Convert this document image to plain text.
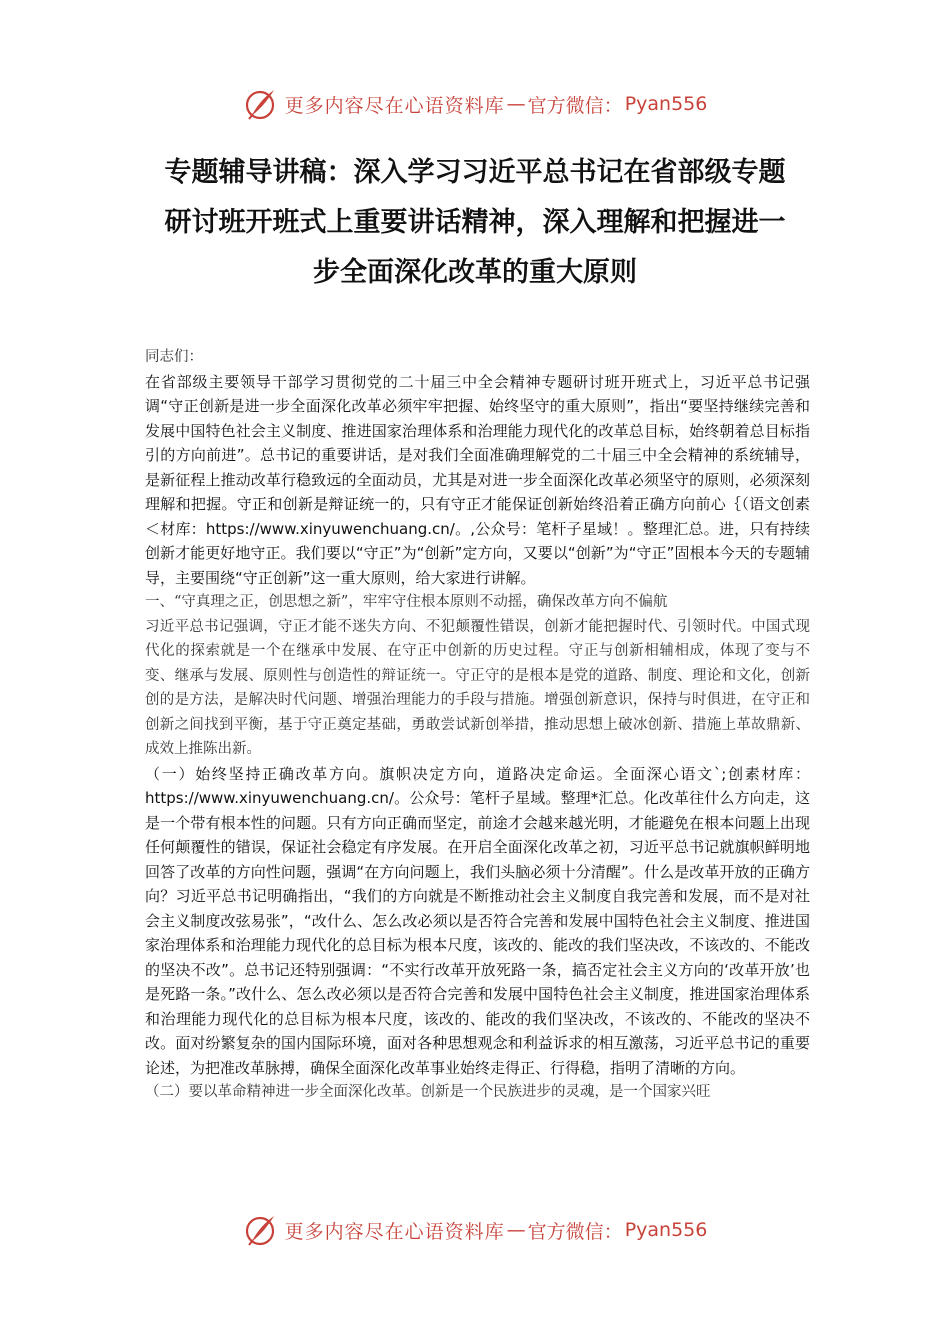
更多内容尽在心语资料库 — 官方微信： Pyan556
专题辅导讲稿：深入学习习近平总书记在省部级专题
研讨班开班式上重要讲话精神，深入理解和把握进一
步全面深化改革的重大原则

同志们：

在省部级主要领导干部学习贯彻党的二十届三中全会精神专题研讨班开班式上，习近平总书记强调“守正创新是进一步全面深化改革必须牢牢把握、始终坚守的重大原则”，指出“要坚持继续完善和发展中国特色社会主义制度、推进国家治理体系和治理能力现代化的改革总目标，始终朝着总目标指引的方向前进”。总书记的重要讲话，是对我们全面准确理解党的二十届三中全会精神的系统辅导，是新征程上推动改革行稳致远的全面动员，尤其是对进一步全面深化改革必须坚守的原则，必须深刻理解和把握。守正和创新是辩证统一的，只有守正才能保证创新始终沿着正确方向前心｛（语文创素＜材库：https://www.xinyuwenchuang.cn/。,公众号：笔杆子星域！。整理汇总。进，只有持续创新才能更好地守正。我们要以“守正”为“创新”定方向，又要以“创新”为“守正”固根本今天的专题辅导，主要围绕“守正创新”这一重大原则，给大家进行讲解。

一、“守真理之正，创思想之新”，牢牢守住根本原则不动摇，确保改革方向不偏航

习近平总书记强调，守正才能不迷失方向、不犯颠覆性错误，创新才能把握时代、引领时代。中国式现代化的探索就是一个在继承中发展、在守正中创新的历史过程。守正与创新相辅相成，体现了变与不变、继承与发展、原则性与创造性的辩证统一。守正守的是根本是党的道路、制度、理论和文化，创新创的是方法，是解决时代问题、增强治理能力的手段与措施。增强创新意识，保持与时俱进，在守正和创新之间找到平衡，基于守正奠定基础，勇敢尝试新创举措，推动思想上破冰创新、措施上革故鼎新、成效上推陈出新。

（一）始终坚持正确改革方向。旗帜决定方向，道路决定命运。全面深心语文`;创素材库：https://www.xinyuwenchuang.cn/。公众号：笔杆子星域。整理*汇总。化改革往什么方向走，这是一个带有根本性的问题。只有方向正确而坚定，前途才会越来越光明，才能避免在根本问题上出现任何颠覆性的错误，保证社会稳定有序发展。在开启全面深化改革之初，习近平总书记就旗帜鲜明地回答了改革的方向性问题，强调“在方向问题上，我们头脑必须十分清醒”。什么是改革开放的正确方向？习近平总书记明确指出，“我们的方向就是不断推动社会主义制度自我完善和发展，而不是对社会主义制度改弦易张”，“改什么、怎么改必须以是否符合完善和发展中国特色社会主义制度、推进国家治理体系和治理能力现代化的总目标为根本尺度，该改的、能改的我们坚决改，不该改的、不能改的坚决不改”。总书记还特别强调：“不实行改革开放死路一条，搞否定社会主义方向的‘改革开放’也是死路一条。”改什么、怎么改必须以是否符合完善和发展中国特色社会主义制度，推进国家治理体系和治理能力现代化的总目标为根本尺度，该改的、能改的我们坚决改，不该改的、不能改的坚决不改。面对纷繁复杂的国内国际环境，面对各种思想观念和利益诉求的相互激荡，习近平总书记的重要论述，为把准改革脉搏，确保全面深化改革事业始终走得正、行得稳，指明了清晰的方向。

（二）要以革命精神进一步全面深化改革。创新是一个民族进步的灵魂，是一个国家兴旺

更多内容尽在心语资料库 — 官方微信： Pyan556
